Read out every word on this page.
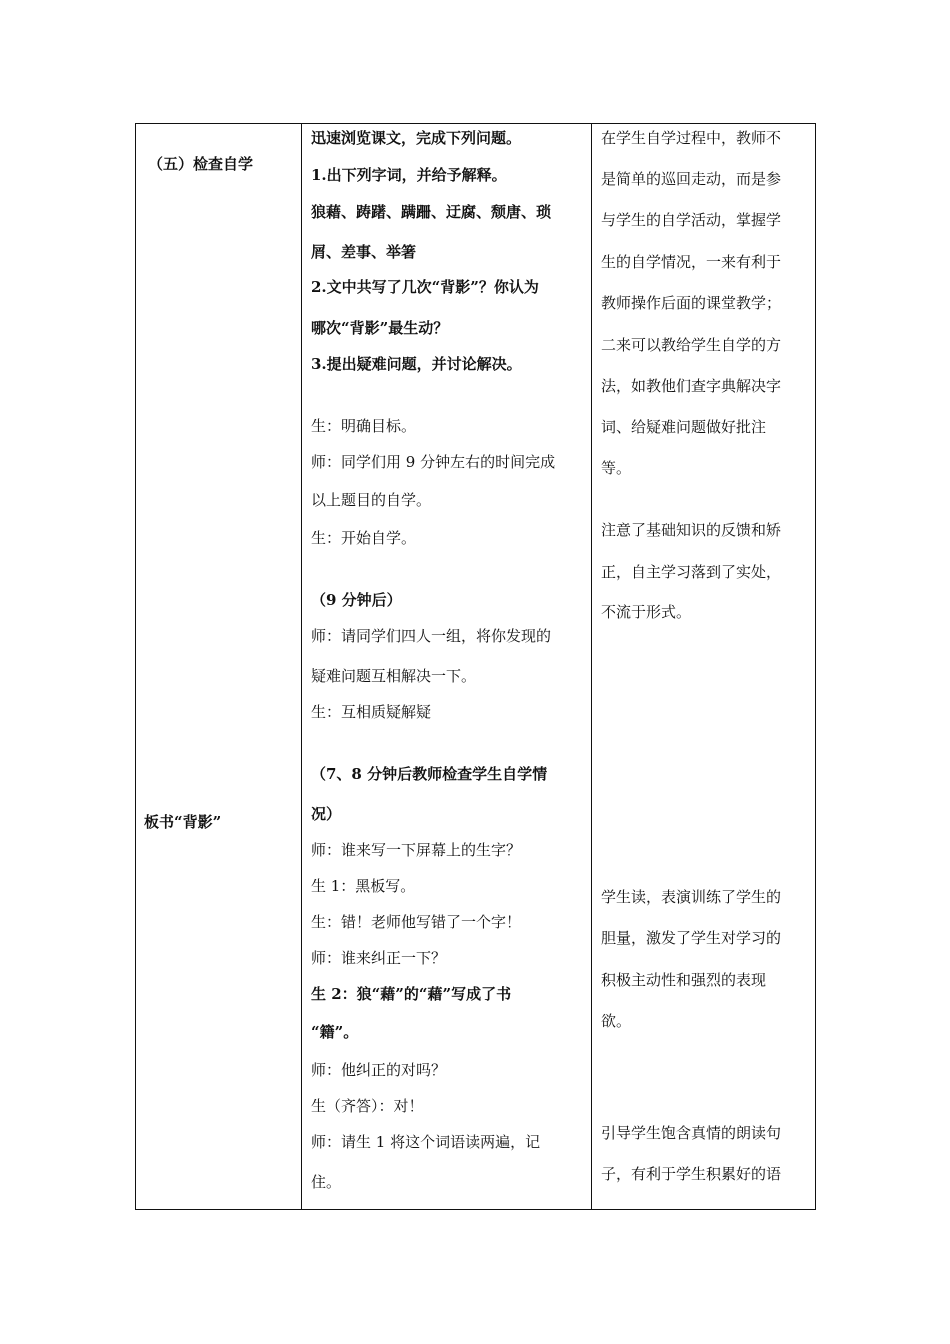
（五）检查自学
板书“背影”
迅速浏览课文，完成下列问题。
1.出下列字词，并给予解释。
狼藉、踌躇、蹒跚、迂腐、颓唐、琐
屑、差事、举箸
2.文中共写了几次“背影”？你认为
哪次“背影”最生动？
3.提出疑难问题，并讨论解决。
生：明确目标。
师：同学们用 9 分钟左右的时间完成
以上题目的自学。
生：开始自学。
（9 分钟后）
师：请同学们四人一组，将你发现的
疑难问题互相解决一下。
生：互相质疑解疑
（7、8 分钟后教师检查学生自学情
况）
师：谁来写一下屏幕上的生字？
生 1：黑板写。
生：错！老师他写错了一个字！
师：谁来纠正一下？
生 2：狼“藉”的“藉”写成了书
“籍”。
师：他纠正的对吗？
生（齐答）：对！
师：请生 1 将这个词语读两遍，记
住。
在学生自学过程中，教师不
是简单的巡回走动，而是参
与学生的自学活动，掌握学
生的自学情况，一来有利于
教师操作后面的课堂教学；
二来可以教给学生自学的方
法，如教他们查字典解决字
词、给疑难问题做好批注
等。
注意了基础知识的反馈和矫
正，自主学习落到了实处，
不流于形式。
学生读，表演训练了学生的
胆量，激发了学生对学习的
积极主动性和强烈的表现
欲。
引导学生饱含真情的朗读句
子，有利于学生积累好的语
